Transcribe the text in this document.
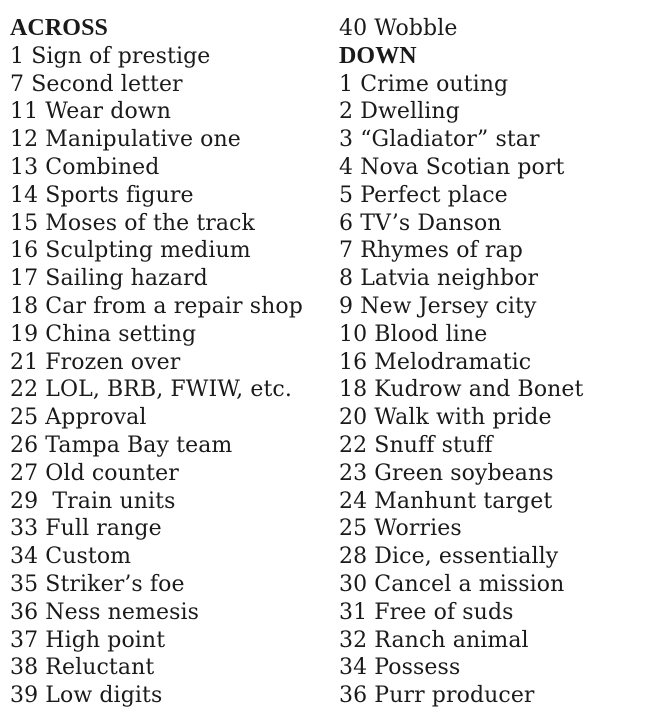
ACROSS
1 Sign of prestige
7 Second letter
11 Wear down
12 Manipulative one
13 Combined
14 Sports figure
15 Moses of the track
16 Sculpting medium
17 Sailing hazard
18 Car from a repair shop
19 China setting
21 Frozen over
22 LOL, BRB, FWIW, etc.
25 Approval
26 Tampa Bay team
27 Old counter
29  Train units
33 Full range
34 Custom
35 Striker’s foe
36 Ness nemesis
37 High point
38 Reluctant
39 Low digits
40 Wobble
DOWN
1 Crime outing
2 Dwelling
3 “Gladiator” star
4 Nova Scotian port
5 Perfect place
6 TV’s Danson
7 Rhymes of rap
8 Latvia neighbor
9 New Jersey city
10 Blood line
16 Melodramatic
18 Kudrow and Bonet
20 Walk with pride
22 Snuff stuff
23 Green soybeans
24 Manhunt target
25 Worries
28 Dice, essentially
30 Cancel a mission
31 Free of suds
32 Ranch animal
34 Possess
36 Purr producer
